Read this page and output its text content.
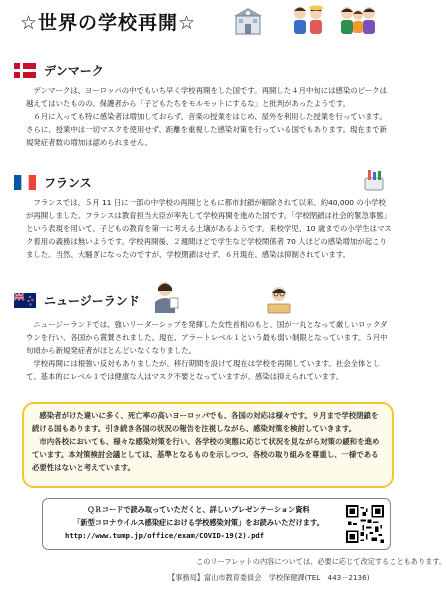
☆世界の学校再開☆
デンマーク

デンマークは、ヨーロッパの中でもいち早く学校再開をした国です。再開した４月中旬には感染のピークは越えてはいたものの、保護者から「子どもたちをモルモットにするな」と批判があったようです。

６月に入っても特に感染者は増加しておらず、音楽の授業をはじめ、屋外を利用した授業を行っています。さらに、授業中は一切マスクを使用せず、距離を重視した感染対策を行っている国でもあります。現在まで新規発症者数の増加は認められません。

フランス

フランスでは、５月 11 日に一部の中学校の再開とともに都市封鎖が解除されて以来、約40,000 の小学校が再開しました。フランスは教育担当大臣が率先して学校再開を進めた国です。「学校閉鎖は社会的緊急事態」という表現を用いて、子どもの教育を第一に考える土壌があるようです。来校学児、10 歳までの小学生はマスク着用の義務は無いようです。学校再開後、２週間ほどで学生など学校関係者 70 人ほどの感染増加が起こりました。当然、大騒ぎになったのですが、学校閉鎖はせず、６月現在、感染は抑制されています。

ニュージーランド

ニュージーランドでは、強いリーダーシップを発揮した女性首相のもと、国が一丸となって厳しいロックダウンを行い、各国から賞賛されました。現在、アラートレベル１という最も弱い制限となっています。５月中旬頃から新規発症者がほとんどいなくなりました。

学校再開には根強い反対もありましたが、移行期間を設けて現在は学校を再開しています。社会全体として、基本的にレベル１では健康な人はマスク不要となっていますが、感染は抑えられています。

感染者がけた違いに多く、死亡率の高いヨーロッパでも、各国の対応は様々です。９月まで学校閉鎖を続ける国もあります。引き続き各国の状況の報告を注視しながら、感染対策を検討していきます。

市内各校においても、様々な感染対策を行い、各学校の実態に応じて状況を見ながら対策の緩和を進めています。本対策検討会議としては、基準となるものを示しつつ、各校の取り組みを尊重し、一様である必要性はないと考えています。

ＱＲコードで読み取っていただくと、詳しいプレゼンテーション資料
「新型コロナウイルス感染症における学校感染対策」をお読みいただけます。
http://www.tump.jp/office/exam/COVID-19(2).pdf
このリーフレットの内容については、必要に応じて改定することもあります。
【事務局】富山市教育委員会　学校保健課(TEL　443－2136)
